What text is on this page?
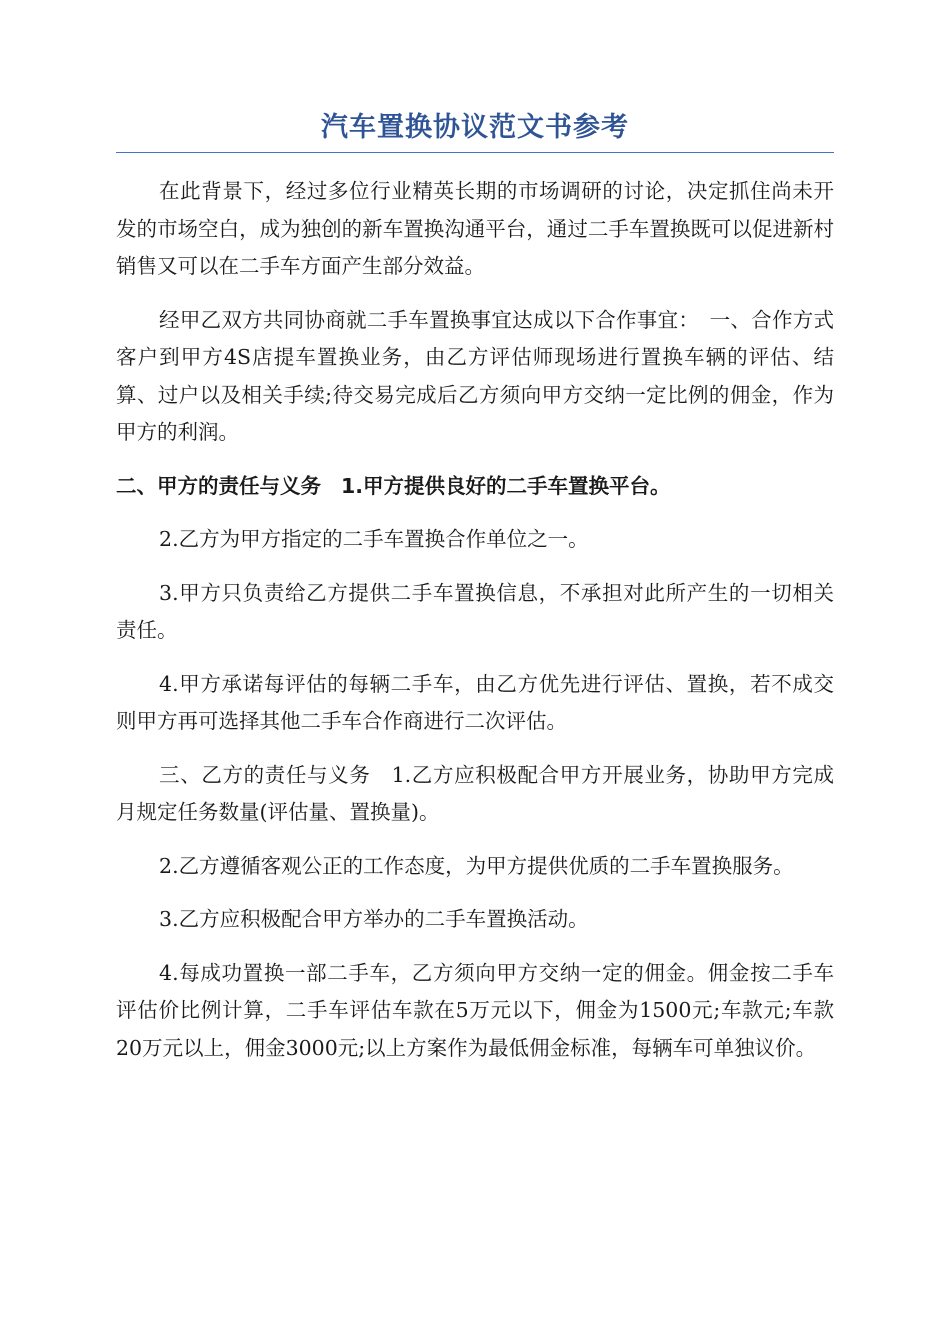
汽车置换协议范文书参考

在此背景下，经过多位行业精英长期的市场调研的讨论，决定抓住尚未开发的市场空白，成为独创的新车置换沟通平台，通过二手车置换既可以促进新村销售又可以在二手车方面产生部分效益。

经甲乙双方共同协商就二手车置换事宜达成以下合作事宜：　一、合作方式　客户到甲方4S店提车置换业务，由乙方评估师现场进行置换车辆的评估、结算、过户以及相关手续;待交易完成后乙方须向甲方交纳一定比例的佣金，作为甲方的利润。

二、甲方的责任与义务 1.甲方提供良好的二手车置换平台。

2.乙方为甲方指定的二手车置换合作单位之一。

3.甲方只负责给乙方提供二手车置换信息，不承担对此所产生的一切相关责任。

4.甲方承诺每评估的每辆二手车，由乙方优先进行评估、置换，若不成交则甲方再可选择其他二手车合作商进行二次评估。

三、乙方的责任与义务　1.乙方应积极配合甲方开展业务，协助甲方完成月规定任务数量(评估量、置换量)。

2.乙方遵循客观公正的工作态度，为甲方提供优质的二手车置换服务。

3.乙方应积极配合甲方举办的二手车置换活动。

4.每成功置换一部二手车，乙方须向甲方交纳一定的佣金。佣金按二手车评估价比例计算，二手车评估车款在5万元以下，佣金为1500元;车款元;车款20万元以上，佣金3000元;以上方案作为最低佣金标准，每辆车可单独议价。
